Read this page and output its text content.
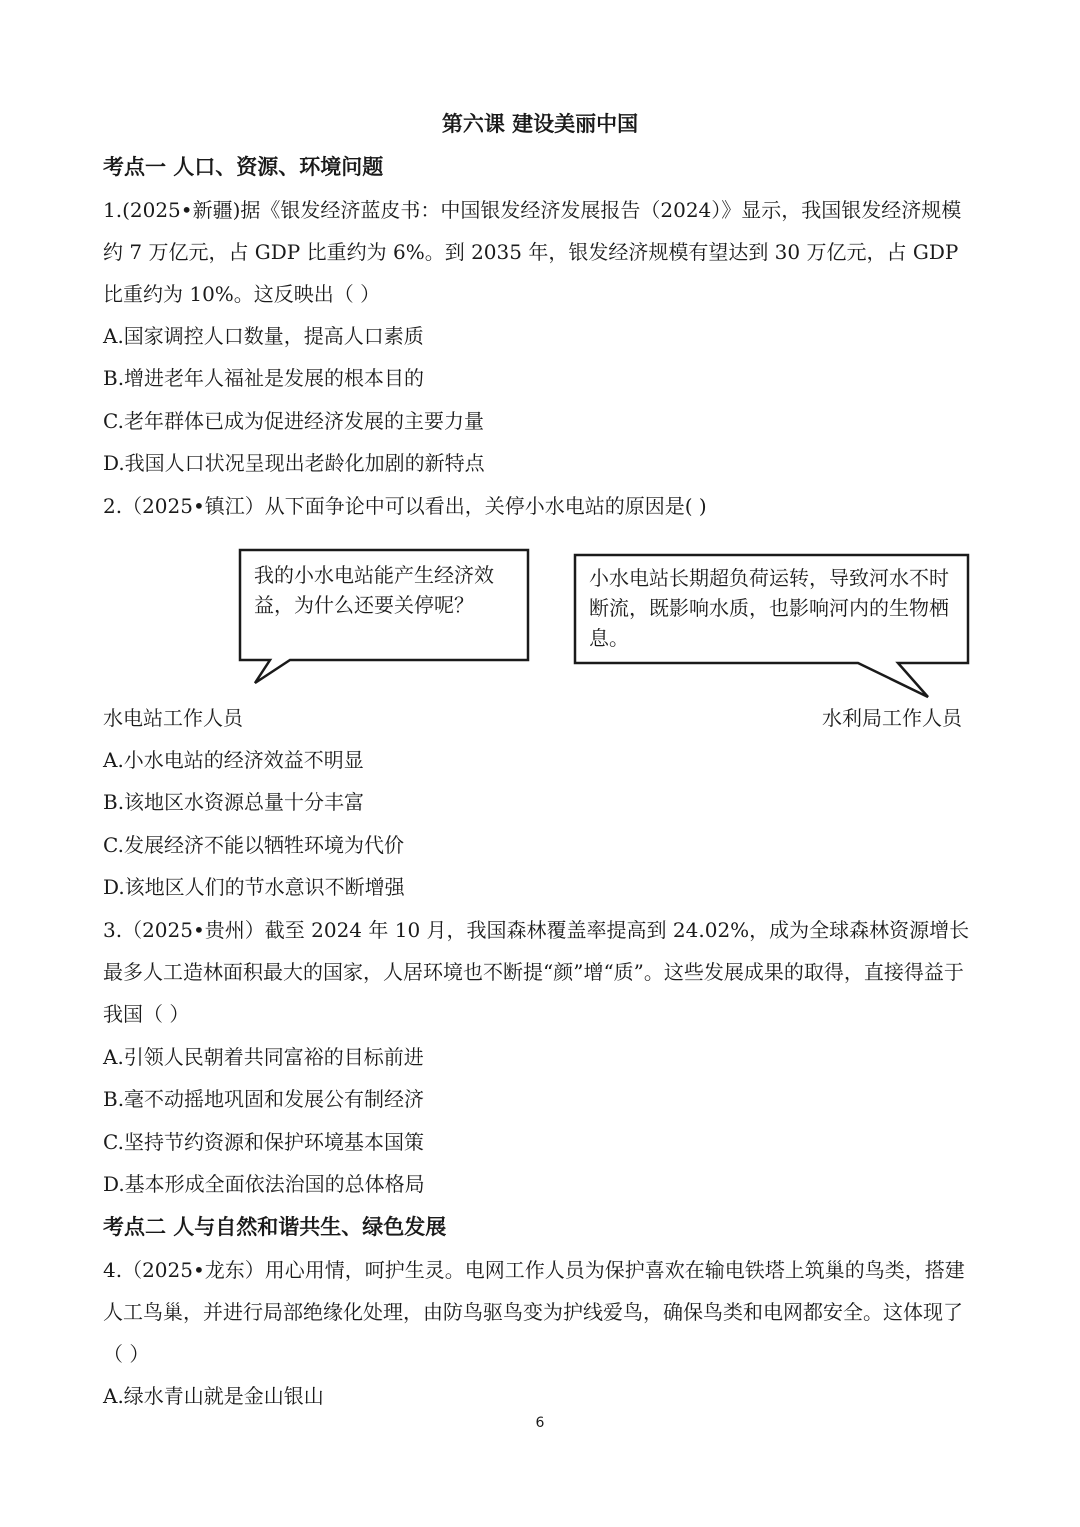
第六课 建设美丽中国
考点一 人口、资源、环境问题
1.(2025•新疆)据《银发经济蓝皮书：中国银发经济发展报告（2024）》显示，我国银发经济规模约 7 万亿元，占 GDP 比重约为 6%。到 2035 年，银发经济规模有望达到 30 万亿元，占 GDP 比重约为 10%。这反映出（ ）
A.国家调控人口数量，提高人口素质
B.增进老年人福祉是发展的根本目的
C.老年群体已成为促进经济发展的主要力量
D.我国人口状况呈现出老龄化加剧的新特点
2.（2025•镇江）从下面争论中可以看出，关停小水电站的原因是( )
我的小水电站能产生经济效益，为什么还要关停呢？
小水电站长期超负荷运转，导致河水不时断流，既影响水质，也影响河内的生物栖息。
水电站工作人员	水利局工作人员
A.小水电站的经济效益不明显
B.该地区水资源总量十分丰富
C.发展经济不能以牺牲环境为代价
D.该地区人们的节水意识不断增强
3.（2025•贵州）截至 2024 年 10 月，我国森林覆盖率提高到 24.02%，成为全球森林资源增长最多人工造林面积最大的国家，人居环境也不断提“颜”增“质”。这些发展成果的取得，直接得益于我国（ ）
A.引领人民朝着共同富裕的目标前进
B.毫不动摇地巩固和发展公有制经济
C.坚持节约资源和保护环境基本国策
D.基本形成全面依法治国的总体格局
考点二 人与自然和谐共生、绿色发展
4.（2025•龙东）用心用情，呵护生灵。电网工作人员为保护喜欢在输电铁塔上筑巢的鸟类，搭建人工鸟巢，并进行局部绝缘化处理，由防鸟驱鸟变为护线爱鸟，确保鸟类和电网都安全。这体现了（ ）
A.绿水青山就是金山银山
6
